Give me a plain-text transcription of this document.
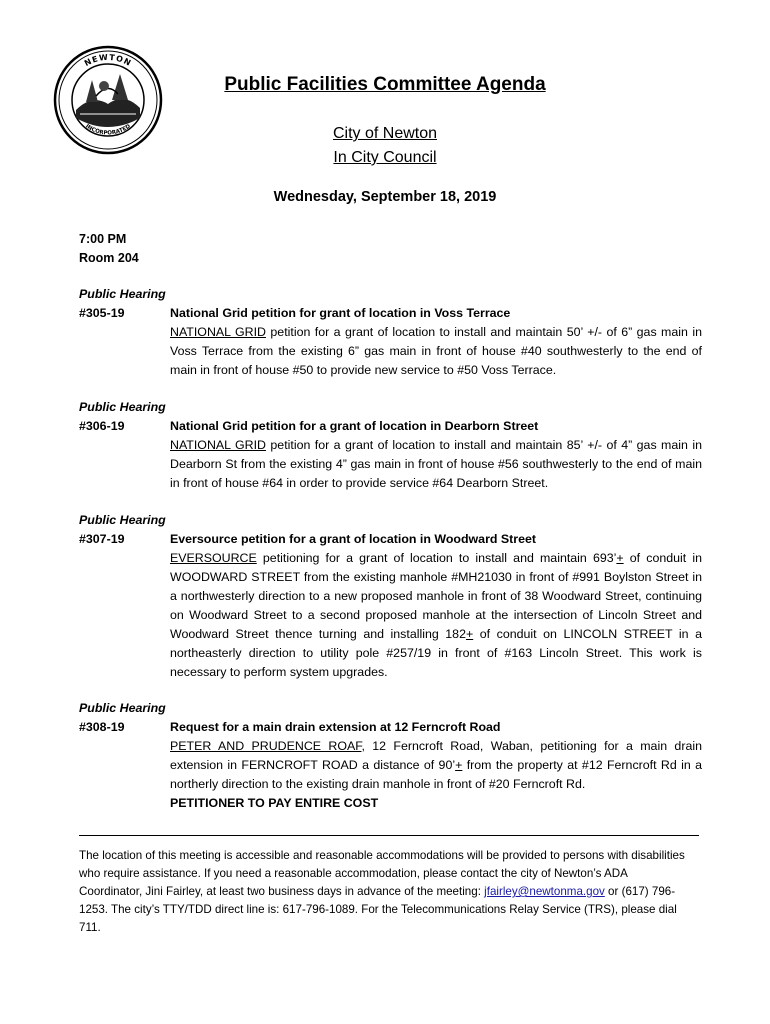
NEWTON
INCORPORATED
Public Facilities Committee Agenda
City of Newton
In City Council
Wednesday, September 18, 2019
7:00 PM
Room 204
Public Hearing
#305-19	National Grid petition for grant of location in Voss Terrace
NATIONAL GRID petition for a grant of location to install and maintain 50’ +/- of 6” gas main in Voss Terrace from the existing 6” gas main in front of house #40 southwesterly to the end of main in front of house #50 to provide new service to #50 Voss Terrace.
Public Hearing
#306-19	National Grid petition for a grant of location in Dearborn Street
NATIONAL GRID petition for a grant of location to install and maintain 85’ +/- of 4” gas main in Dearborn St from the existing 4” gas main in front of house #56 southwesterly to the end of main in front of house #64 in order to provide service #64 Dearborn Street.
Public Hearing
#307-19	Eversource petition for a grant of location in Woodward Street
EVERSOURCE petitioning for a grant of location to install and maintain 693’+ of conduit in WOODWARD STREET from the existing manhole #MH21030 in front of #991 Boylston Street in a northwesterly direction to a new proposed manhole in front of 38 Woodward Street, continuing on Woodward Street to a second proposed manhole at the intersection of Lincoln Street and Woodward Street thence turning and installing 182+ of conduit on LINCOLN STREET in a northeasterly direction to utility pole #257/19 in front of #163 Lincoln Street. This work is necessary to perform system upgrades.
Public Hearing
#308-19	Request for a main drain extension at 12 Ferncroft Road
PETER AND PRUDENCE ROAF, 12 Ferncroft Road, Waban, petitioning for a main drain extension in FERNCROFT ROAD a distance of 90’+ from the property at #12 Ferncroft Rd in a northerly direction to the existing drain manhole in front of #20 Ferncroft Rd.
PETITIONER TO PAY ENTIRE COST
The location of this meeting is accessible and reasonable accommodations will be provided to persons with disabilities who require assistance. If you need a reasonable accommodation, please contact the city of Newton’s ADA Coordinator, Jini Fairley, at least two business days in advance of the meeting: jfairley@newtonma.gov or (617) 796-1253. The city’s TTY/TDD direct line is: 617-796-1089. For the Telecommunications Relay Service (TRS), please dial 711.
